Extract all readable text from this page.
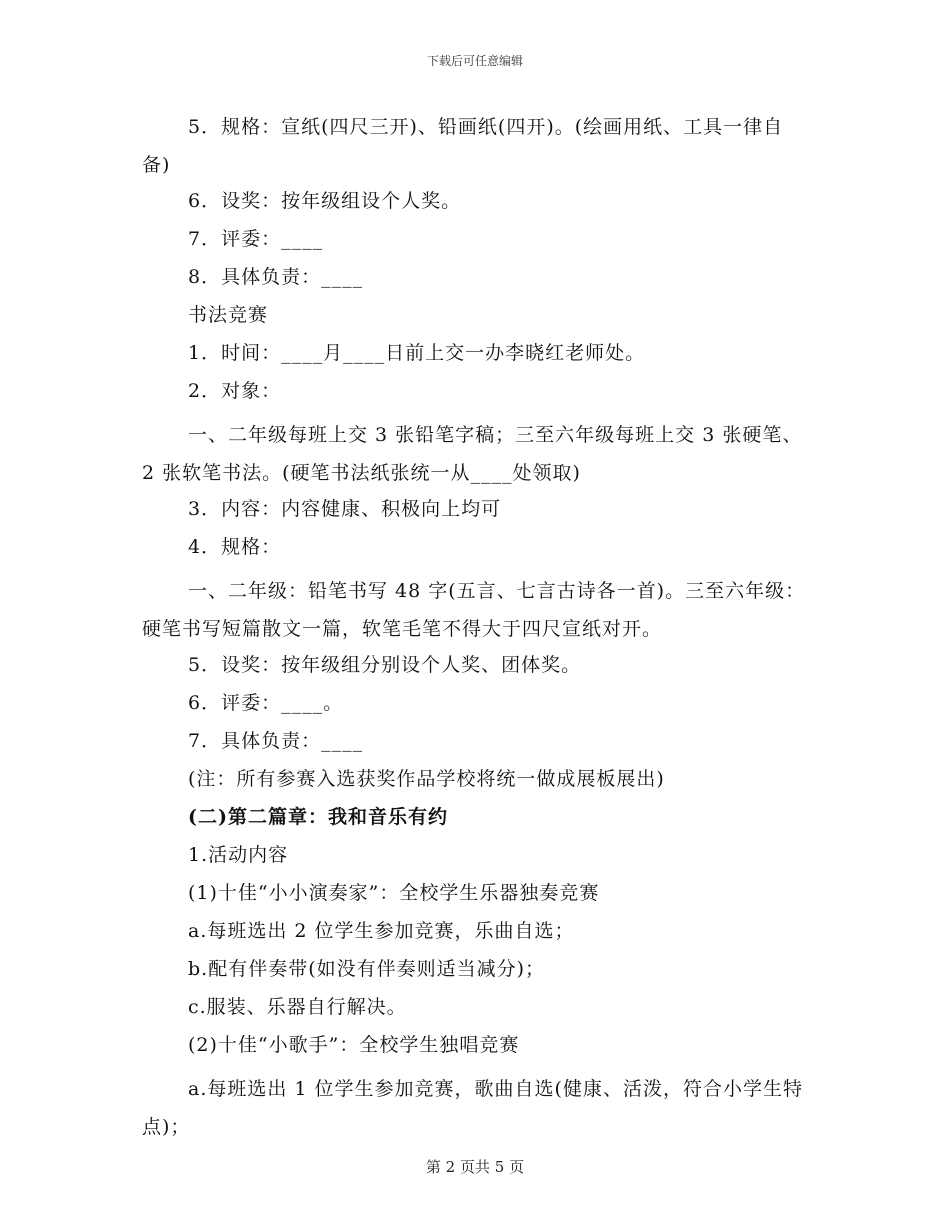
下载后可任意编辑

5．规格：宣纸(四尺三开)、铅画纸(四开)。(绘画用纸、工具一律自备)

6．设奖：按年级组设个人奖。

7．评委：____

8．具体负责：____

书法竞赛

1．时间：____月____日前上交一办李晓红老师处。

2．对象：

一、二年级每班上交 3 张铅笔字稿；三至六年级每班上交 3 张硬笔、2 张软笔书法。(硬笔书法纸张统一从____处领取)

3．内容：内容健康、积极向上均可

4．规格：

一、二年级：铅笔书写 48 字(五言、七言古诗各一首)。三至六年级：硬笔书写短篇散文一篇，软笔毛笔不得大于四尺宣纸对开。

5．设奖：按年级组分别设个人奖、团体奖。

6．评委：____。

7．具体负责：____

(注：所有参赛入选获奖作品学校将统一做成展板展出)

(二)第二篇章：我和音乐有约

1.活动内容

(1)十佳“小小演奏家”：全校学生乐器独奏竞赛

a.每班选出 2 位学生参加竞赛，乐曲自选；

b.配有伴奏带(如没有伴奏则适当减分)；

c.服装、乐器自行解决。

(2)十佳“小歌手”：全校学生独唱竞赛

a.每班选出 1 位学生参加竞赛，歌曲自选(健康、活泼，符合小学生特点)；

第 2 页共 5 页
